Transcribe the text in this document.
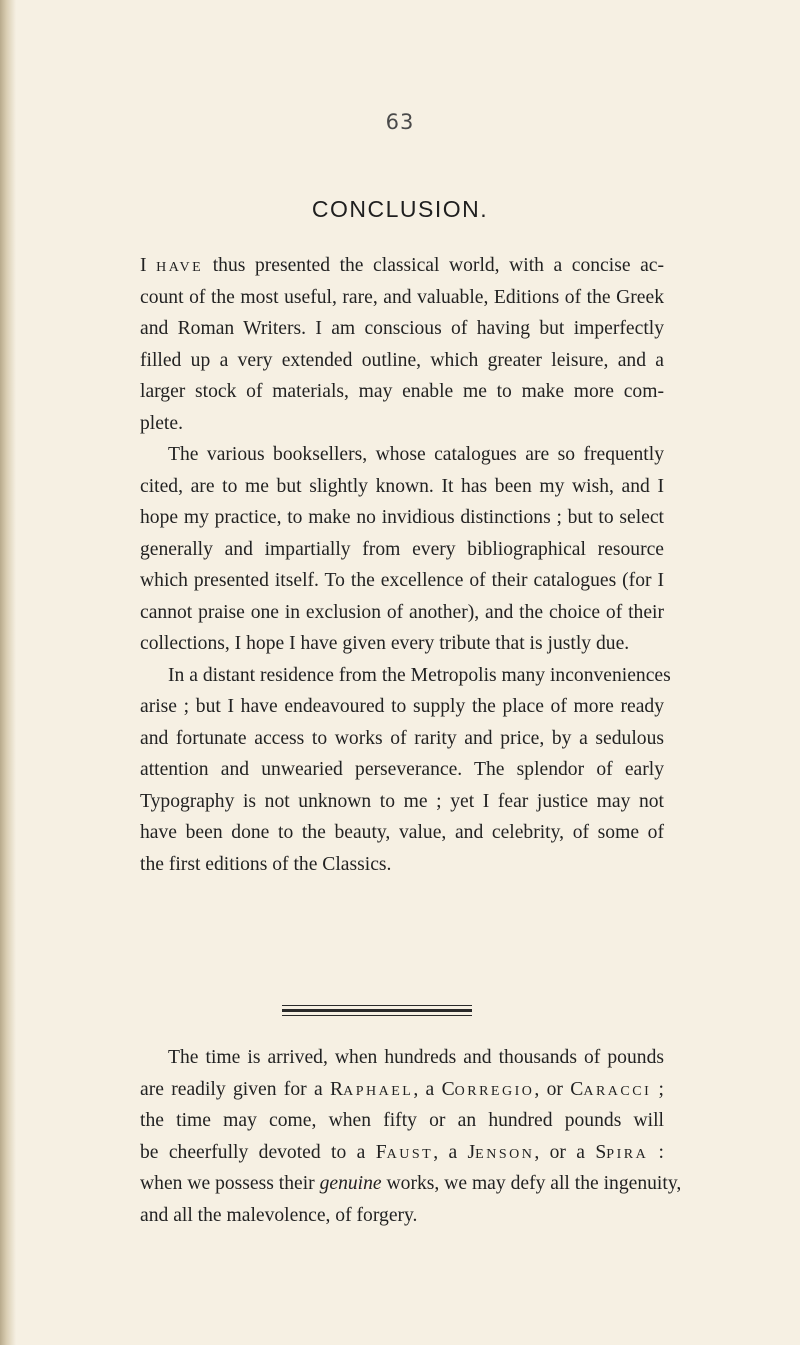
63
CONCLUSION.
I HAVE thus presented the classical world, with a concise ac-
count of the most useful, rare, and valuable, Editions of the Greek
and Roman Writers. I am conscious of having but imperfectly
filled up a very extended outline, which greater leisure, and a
larger stock of materials, may enable me to make more com-
plete.
The various booksellers, whose catalogues are so frequently
cited, are to me but slightly known. It has been my wish, and I
hope my practice, to make no invidious distinctions ; but to select
generally and impartially from every bibliographical resource
which presented itself. To the excellence of their catalogues (for I
cannot praise one in exclusion of another), and the choice of their
collections, I hope I have given every tribute that is justly due.
In a distant residence from the Metropolis many inconveniences
arise ; but I have endeavoured to supply the place of more ready
and fortunate access to works of rarity and price, by a sedulous
attention and unwearied perseverance. The splendor of early
Typography is not unknown to me ; yet I fear justice may not
have been done to the beauty, value, and celebrity, of some of
the first editions of the Classics.
The time is arrived, when hundreds and thousands of pounds
are readily given for a RAPHAEL, a CORREGIO, or CARACCI ;
the time may come, when fifty or an hundred pounds will
be cheerfully devoted to a FAUST, a JENSON, or a SPIRA :
when we possess their genuine works, we may defy all the ingenuity,
and all the malevolence, of forgery.
